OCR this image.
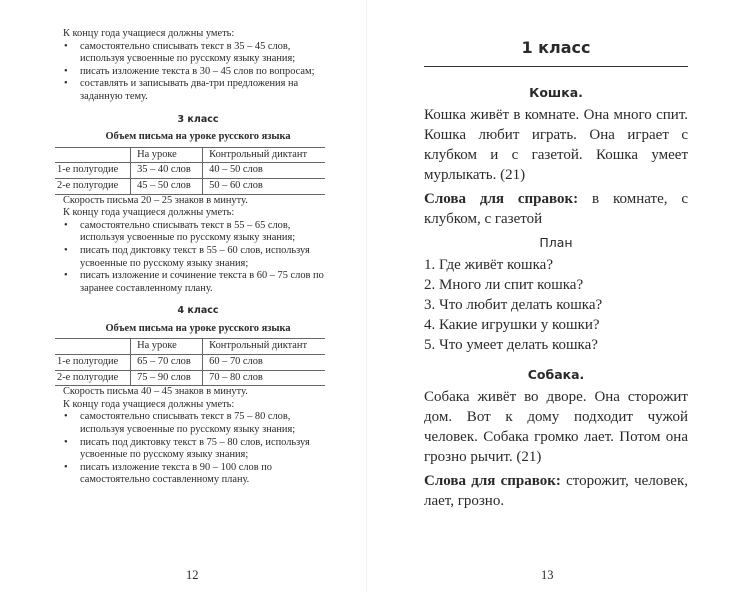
К концу года учащиеся должны уметь:

• самостоятельно списывать текст в 35 – 45 слов, используя усвоенные по русскому языку знания;
• писать изложение текста в 30 – 45 слов по вопросам;
• составлять и записывать два-три предложения на заданную тему.
3 класс
Объем письма на уроке русского языка
	На уроке	Контрольный диктант
1-е полугодие	35 – 40 слов	40 – 50 слов
2-е полугодие	45 – 50 слов	50 – 60 слов

Скорость письма 20 – 25 знаков в минуту.

К концу года учащиеся должны уметь:

• самостоятельно списывать текст в 55 – 65 слов, используя усвоенные по русскому языку знания;
• писать под диктовку текст в 55 – 60 слов, используя усвоенные по русскому языку знания;
• писать изложение и сочинение текста в 60 – 75 слов по заранее составленному плану.
4 класс
Объем письма на уроке русского языка
	На уроке	Контрольный диктант
1-е полугодие	65 – 70 слов	60 – 70 слов
2-е полугодие	75 – 90 слов	70 – 80 слов

Скорость письма 40 – 45 знаков в минуту.

К концу года учащиеся должны уметь:

• самостоятельно списывать текст в 75 – 80 слов, используя усвоенные по русскому языку знания;
• писать под диктовку текст в 75 – 80 слов, используя усвоенные по русскому языку знания;
• писать изложение текста в 90 – 100 слов по самостоятельно составленному плану.
12
1 класс
Кошка.

Кошка живёт в комнате. Она много спит. Кошка любит играть. Она играет с клубком и с газетой. Кошка умеет мурлыкать. (21)

Слова для справок: в комнате, с клубком, с газетой

План
1. Где живёт кошка?
2. Много ли спит кошка?
3. Что любит делать кошка?
4. Какие игрушки у кошки?
5. Что умеет делать кошка?
Собака.

Собака живёт во дворе. Она сторожит дом. Вот к дому подходит чужой человек. Собака громко лает. Потом она грозно рычит. (21)

Слова для справок: сторожит, человек, лает, грозно.

13
